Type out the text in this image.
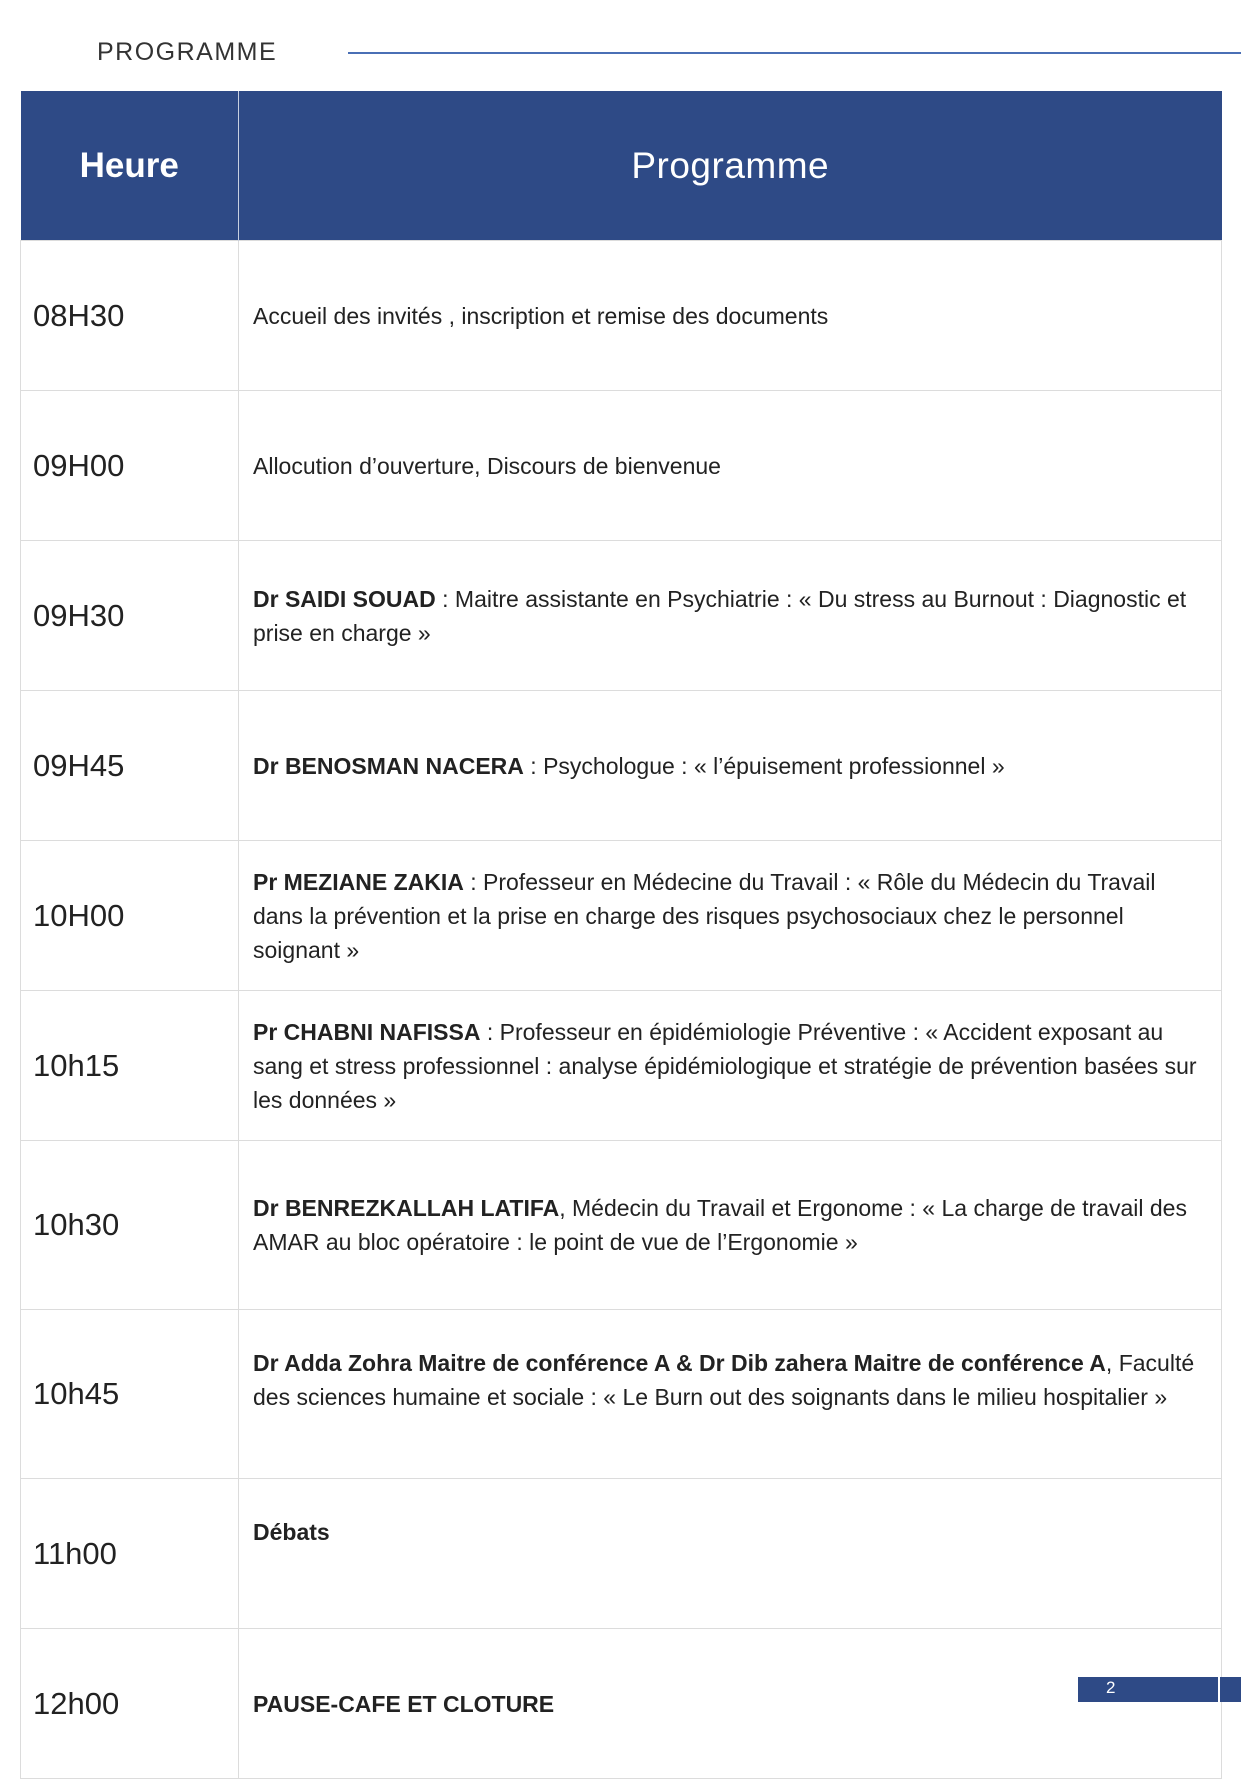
PROGRAMME
Heure	Programme
08H30	Accueil des invités , inscription et remise des documents
09H00	Allocution d’ouverture, Discours de bienvenue
09H30	Dr SAIDI SOUAD : Maitre assistante en Psychiatrie : « Du stress au Burnout : Diagnostic et prise en charge »
09H45	Dr BENOSMAN NACERA : Psychologue : « l’épuisement professionnel »
10H00	Pr MEZIANE ZAKIA : Professeur en Médecine du Travail : « Rôle du Médecin du Travail dans la prévention et la prise en charge des risques psychosociaux chez le personnel soignant »
10h15	Pr CHABNI NAFISSA : Professeur en épidémiologie Préventive : « Accident exposant au sang et stress professionnel : analyse épidémiologique et stratégie de prévention basées sur les données »
10h30	Dr BENREZKALLAH LATIFA, Médecin du Travail et Ergonome : « La charge de travail des AMAR au bloc opératoire : le point de vue de l’Ergonomie »
10h45	Dr Adda Zohra Maitre de conférence A & Dr Dib zahera Maitre de conférence A, Faculté des sciences humaine et sociale : « Le Burn out des soignants dans le milieu hospitalier »
11h00	Débats
12h00	PAUSE-CAFE ET CLOTURE
2
